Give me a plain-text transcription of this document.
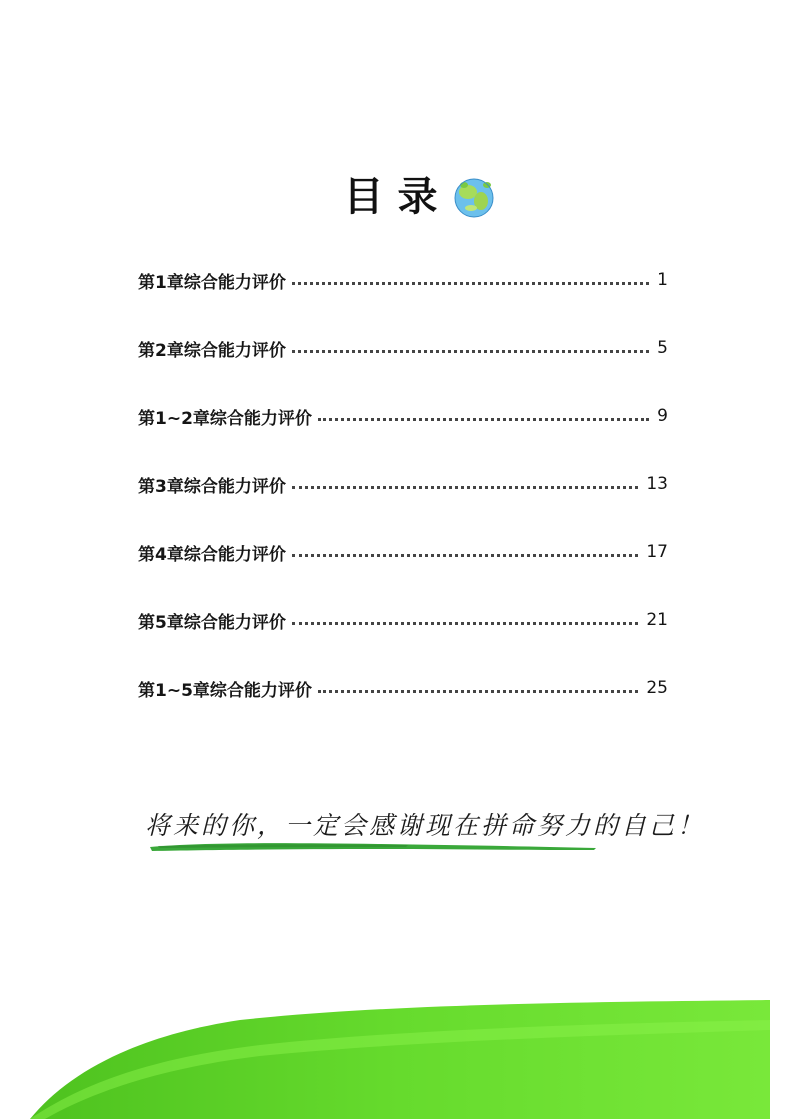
目录
第1章综合能力评价	1
第2章综合能力评价	5
第1~2章综合能力评价	9
第3章综合能力评价	13
第4章综合能力评价	17
第5章综合能力评价	21
第1~5章综合能力评价	25
将来的你，一定会感谢现在拼命努力的自己！
